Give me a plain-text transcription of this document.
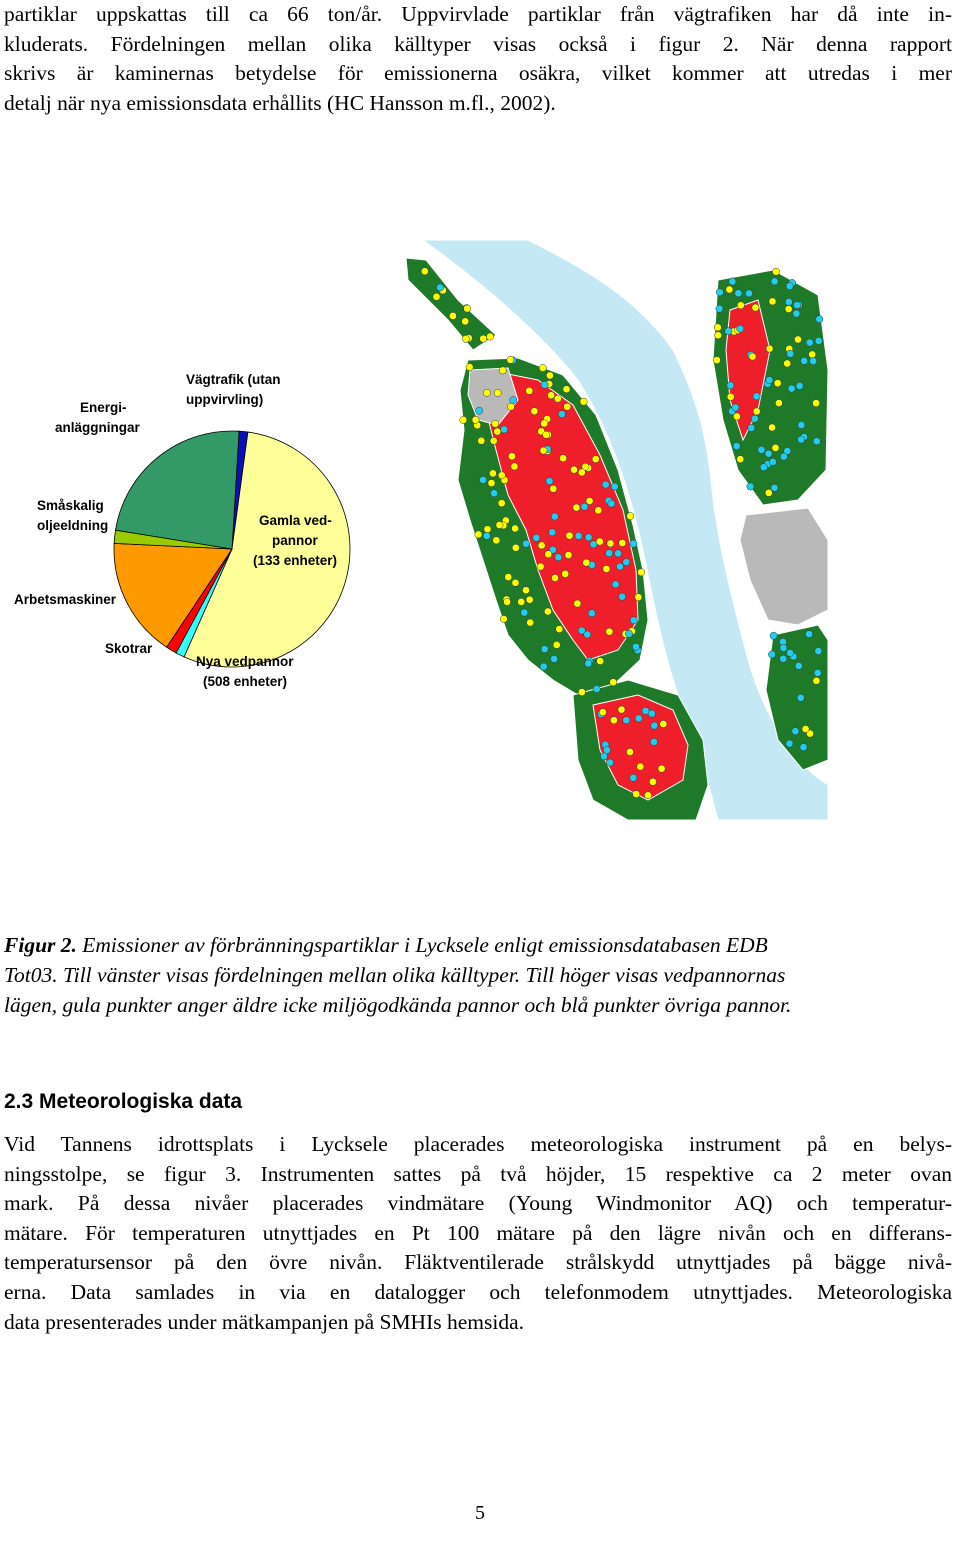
partiklar uppskattas till ca 66 ton/år. Uppvirvlade partiklar från vägtrafiken har då inte in-
kluderats. Fördelningen mellan olika källtyper visas också i figur 2. När denna rapport
skrivs är kaminernas betydelse för emissionerna osäkra, vilket kommer att utredas i mer
detalj när nya emissionsdata erhållits (HC Hansson m.fl., 2002).
Vägtrafik (utan
uppvirvling)
Energi-
anläggningar
Småskalig
oljeeldning	Gamla ved-
pannor
(133 enheter)
Arbetsmaskiner
Skotrar
Nya vedpannor
(508 enheter)
Figur 2. Emissioner av förbränningspartiklar i Lycksele enligt emissionsdatabasen EDB
Tot03. Till vänster visas fördelningen mellan olika källtyper. Till höger visas vedpannornas
lägen, gula punkter anger äldre icke miljögodkända pannor och blå punkter övriga pannor.
2.3 Meteorologiska data
Vid Tannens idrottsplats i Lycksele placerades meteorologiska instrument på en belys-
ningsstolpe, se figur 3. Instrumenten sattes på två höjder, 15 respektive ca 2 meter ovan
mark. På dessa nivåer placerades vindmätare (Young Windmonitor AQ) och temperatur-
mätare. För temperaturen utnyttjades en Pt 100 mätare på den lägre nivån och en differans-
temperatursensor på den övre nivån. Fläktventilerade strålskydd utnyttjades på bägge nivå-
erna. Data samlades in via en datalogger och telefonmodem utnyttjades. Meteorologiska
data presenterades under mätkampanjen på SMHIs hemsida.
5
